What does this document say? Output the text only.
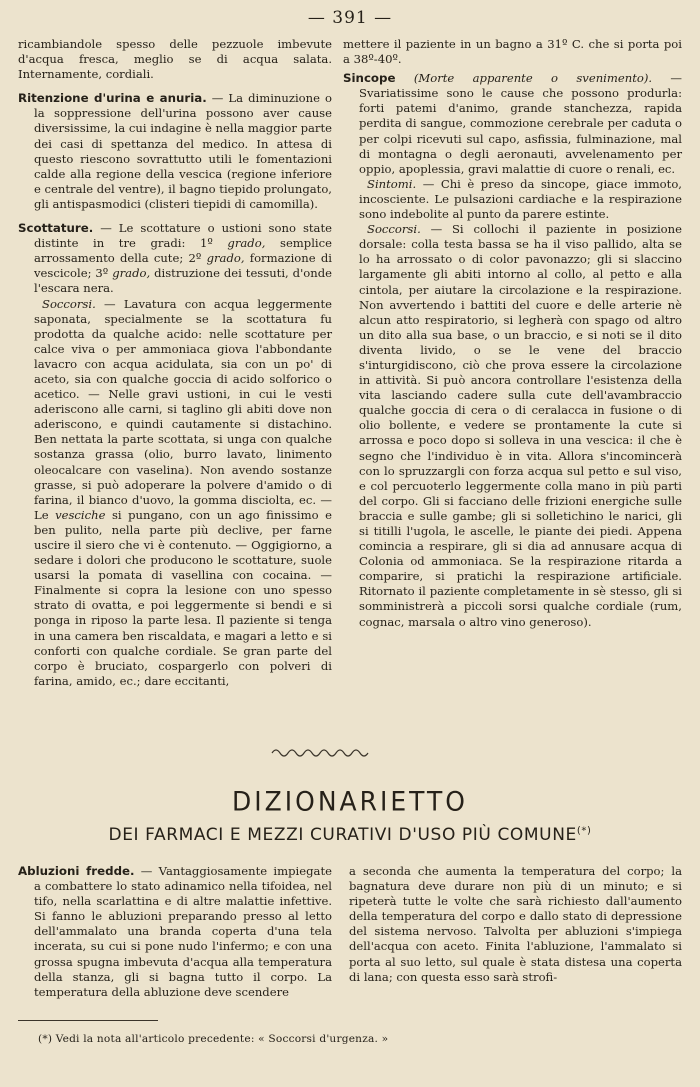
— 391 —

ricambiandole spesso delle pezzuole imbevute d'acqua fresca, meglio se di acqua salata. Internamente, cordiali.

Ritenzione d'urina e anuria. — La diminuzione o la soppressione dell'urina possono aver cause diversissime, la cui indagine è nella maggior parte dei casi di spettanza del medico. In attesa di questo riescono sovrattutto utili le fomentazioni calde alla regione della vescica (regione inferiore e centrale del ventre), il bagno tiepido prolungato, gli antispasmodici (clisteri tiepidi di camomilla).

Scottature. — Le scottature o ustioni sono state distinte in tre gradi: 1º grado, semplice arrossamento della cute; 2º grado, formazione di vescicole; 3º grado, distruzione dei tessuti, d'onde l'escara nera.

Soccorsi. — Lavatura con acqua leggermente saponata, specialmente se la scottatura fu prodotta da qualche acido: nelle scottature per calce viva o per ammoniaca giova l'abbondante lavacro con acqua acidulata, sia con un po' di aceto, sia con qualche goccia di acido solforico o acetico. — Nelle gravi ustioni, in cui le vesti aderiscono alle carni, si taglino gli abiti dove non aderiscono, e quindi cautamente si distachino. Ben nettata la parte scottata, si unga con qualche sostanza grassa (olio, burro lavato, linimento oleocalcare con vaselina). Non avendo sostanze grasse, si può adoperare la polvere d'amido o di farina, il bianco d'uovo, la gomma disciolta, ec. — Le vesciche si pungano, con un ago finissimo e ben pulito, nella parte più declive, per farne uscire il siero che vi è contenuto. — Oggigiorno, a sedare i dolori che producono le scottature, suole usarsi la pomata di vasellina con cocaina. — Finalmente si copra la lesione con uno spesso strato di ovatta, e poi leggermente si bendi e si ponga in riposo la parte lesa. Il paziente si tenga in una camera ben riscaldata, e magari a letto e si conforti con qualche cordiale. Se gran parte del corpo è bruciato, cospargerlo con polveri di farina, amido, ec.; dare eccitanti,

mettere il paziente in un bagno a 31º C. che si porta poi a 38º-40º.

Sincope (Morte apparente o svenimento). — Svariatissime sono le cause che possono produrla: forti patemi d'animo, grande stanchezza, rapida perdita di sangue, commozione cerebrale per caduta o per colpi ricevuti sul capo, asfissia, fulminazione, mal di montagna o degli aeronauti, avvelenamento per oppio, apoplessia, gravi malattie di cuore o renali, ec.

Sintomi. — Chi è preso da sincope, giace immoto, incosciente. Le pulsazioni cardiache e la respirazione sono indebolite al punto da parere estinte.

Soccorsi. — Si collochi il paziente in posizione dorsale: colla testa bassa se ha il viso pallido, alta se lo ha arrossato o di color pavonazzo; gli si slaccino largamente gli abiti intorno al collo, al petto e alla cintola, per aiutare la circolazione e la respirazione. Non avvertendo i battiti del cuore e delle arterie nè alcun atto respiratorio, si legherà con spago od altro un dito alla sua base, o un braccio, e si noti se il dito diventa livido, o se le vene del braccio s'inturgidiscono, ciò che prova essere la circolazione in attività. Si può ancora controllare l'esistenza della vita lasciando cadere sulla cute dell'avambraccio qualche goccia di cera o di ceralacca in fusione o di olio bollente, e vedere se prontamente la cute si arrossa e poco dopo si solleva in una vescica: il che è segno che l'individuo è in vita. Allora s'incomincerà con lo spruzzargli con forza acqua sul petto e sul viso, e col percuoterlo leggermente colla mano in più parti del corpo. Gli si facciano delle frizioni energiche sulle braccia e sulle gambe; gli si solletichino le narici, gli si titilli l'ugola, le ascelle, le piante dei piedi. Appena comincia a respirare, gli si dia ad annusare acqua di Colonia od ammoniaca. Se la respirazione ritarda a comparire, si pratichi la respirazione artificiale. Ritornato il paziente completamente in sè stesso, gli si somministrerà a piccoli sorsi qualche cordiale (rum, cognac, marsala o altro vino generoso).

DIZIONARIETTO
DEI FARMACI E MEZZI CURATIVI D'USO PIÙ COMUNE(*)

Abluzioni fredde. — Vantaggiosamente impiegate a combattere lo stato adinamico nella tifoidea, nel tifo, nella scarlattina e di altre malattie infettive. Si fanno le abluzioni preparando presso al letto dell'ammalato una branda coperta d'una tela incerata, su cui si pone nudo l'infermo; e con una grossa spugna imbevuta d'acqua alla temperatura della stanza, gli si bagna tutto il corpo. La temperatura della abluzione deve scendere

a seconda che aumenta la temperatura del corpo; la bagnatura deve durare non più di un minuto; e si ripeterà tutte le volte che sarà richiesto dall'aumento della temperatura del corpo e dallo stato di depressione del sistema nervoso. Talvolta per abluzioni s'impiega dell'acqua con aceto. Finita l'abluzione, l'ammalato si porta al suo letto, sul quale è stata distesa una coperta di lana; con questa esso sarà strofi-

(*) Vedi la nota all'articolo precedente: « Soccorsi d'urgenza. »
